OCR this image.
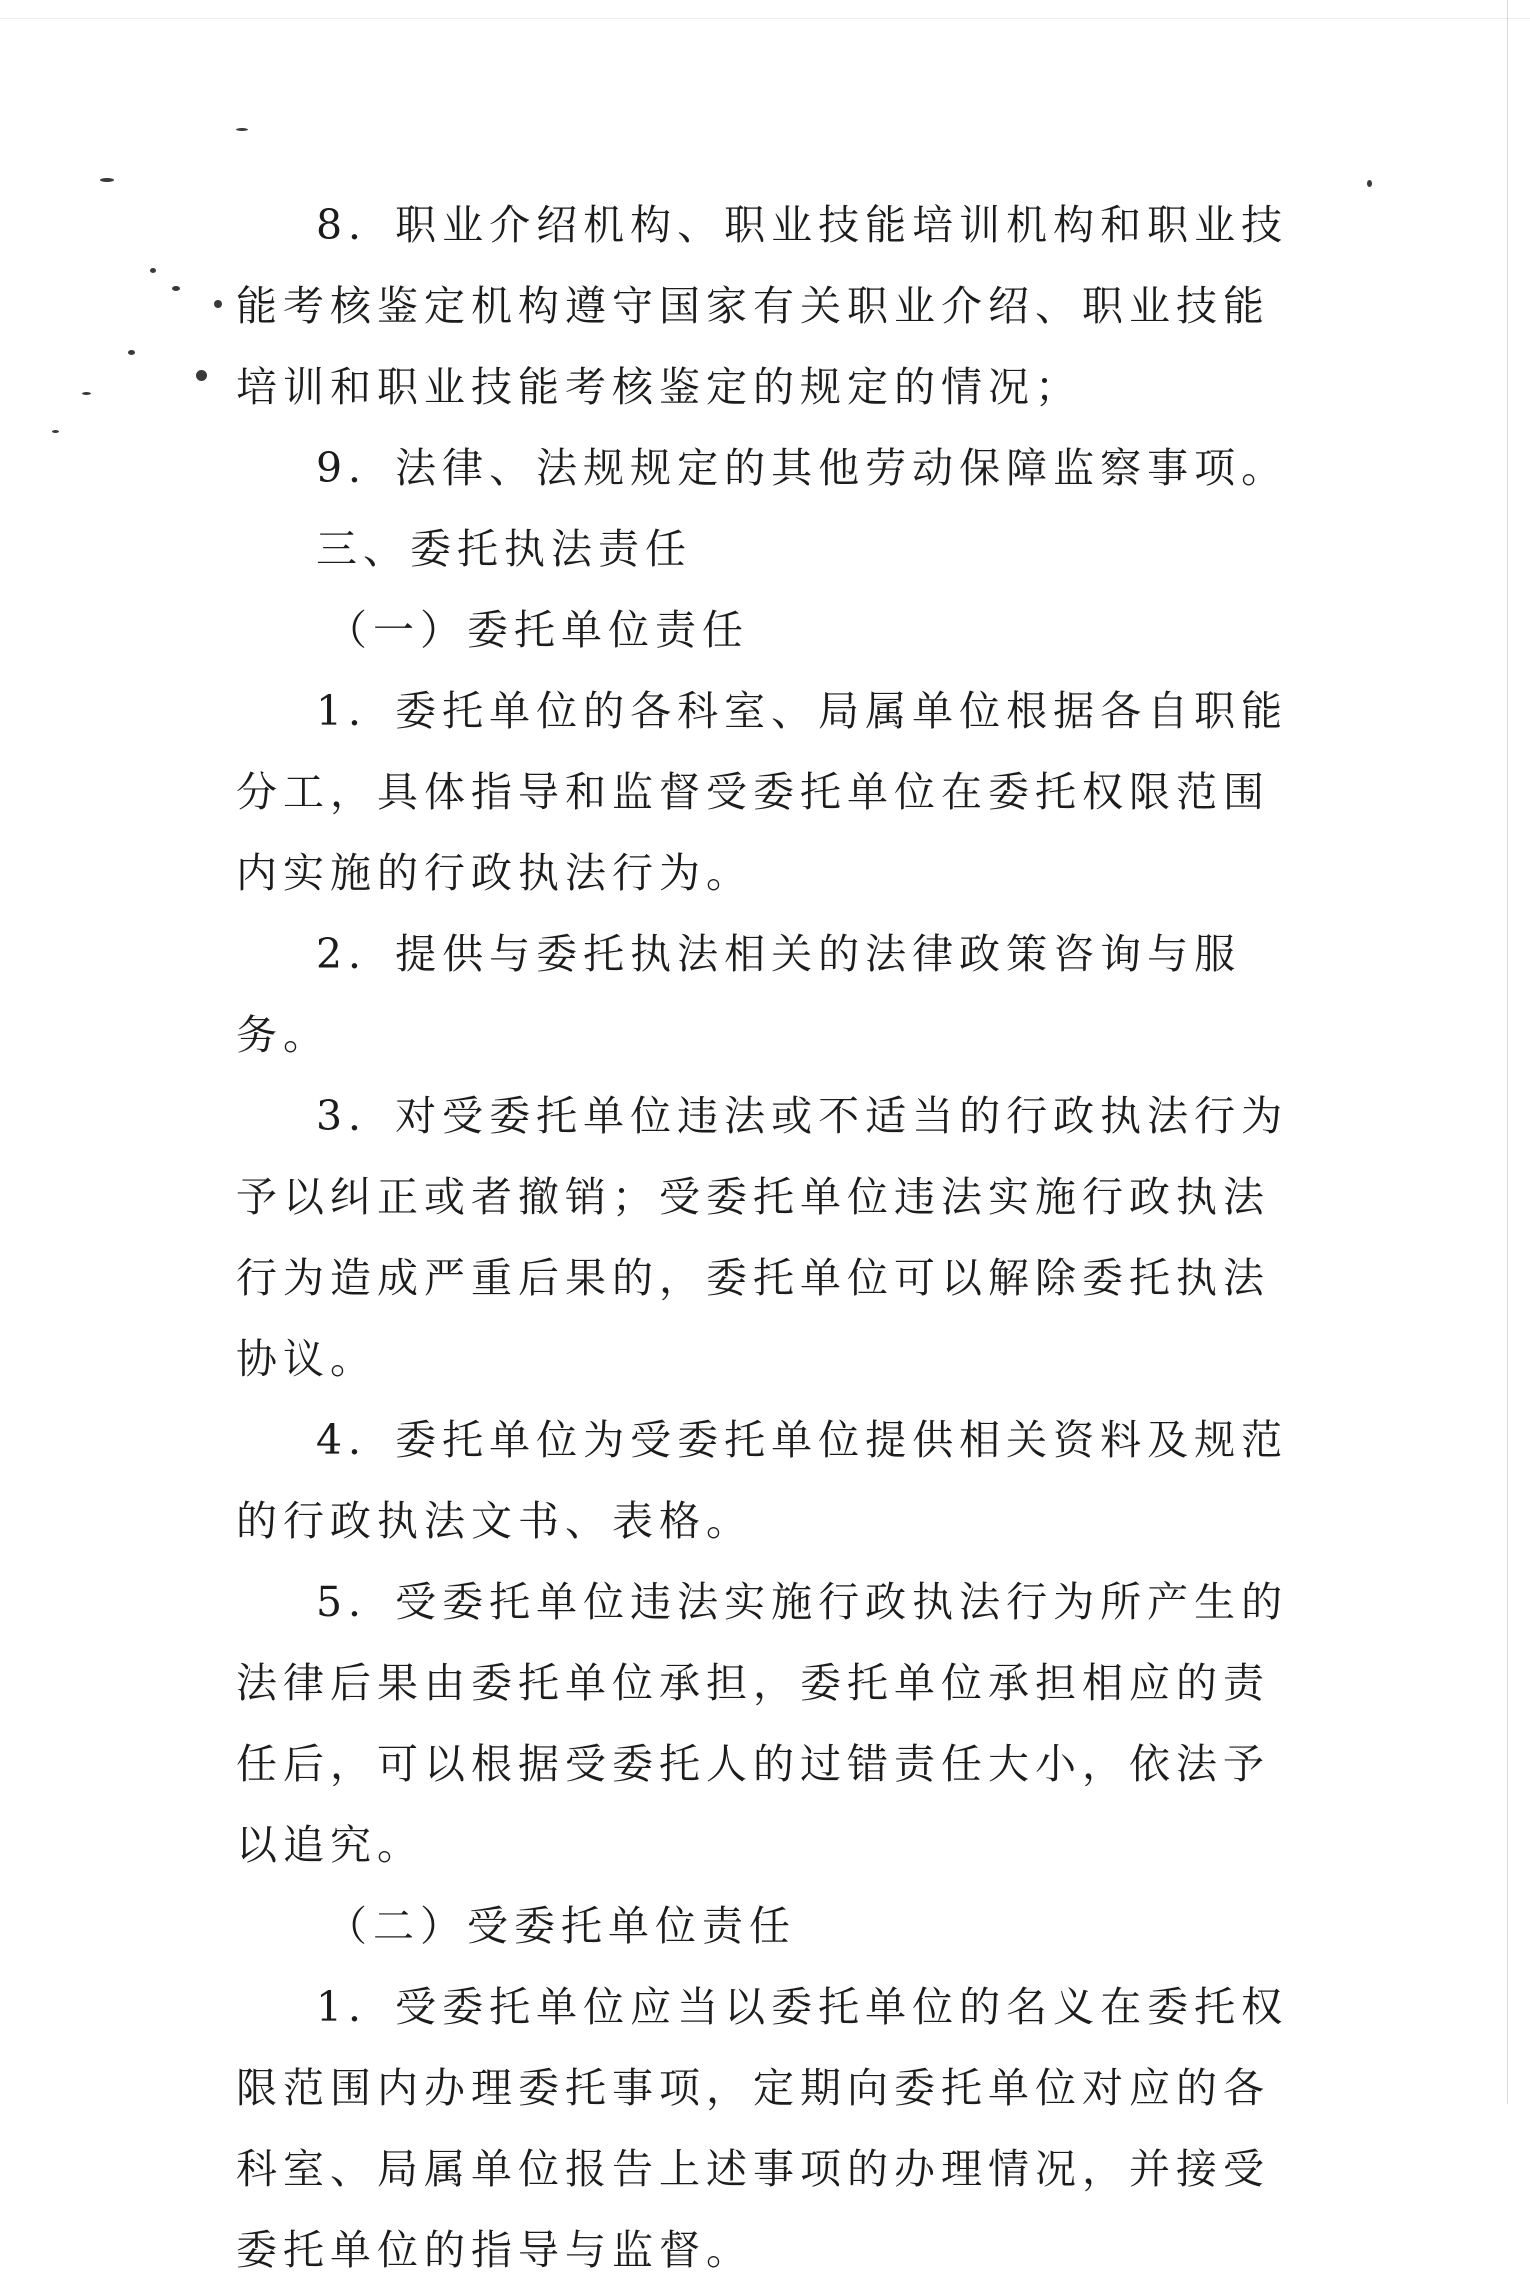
8．职业介绍机构、职业技能培训机构和职业技能考核鉴定机构遵守国家有关职业介绍、职业技能培训和职业技能考核鉴定的规定的情况；

9．法律、法规规定的其他劳动保障监察事项。

三、委托执法责任

（一）委托单位责任

1．委托单位的各科室、局属单位根据各自职能分工，具体指导和监督受委托单位在委托权限范围内实施的行政执法行为。

2．提供与委托执法相关的法律政策咨询与服务。

3．对受委托单位违法或不适当的行政执法行为予以纠正或者撤销；受委托单位违法实施行政执法行为造成严重后果的，委托单位可以解除委托执法协议。

4．委托单位为受委托单位提供相关资料及规范的行政执法文书、表格。

5．受委托单位违法实施行政执法行为所产生的法律后果由委托单位承担，委托单位承担相应的责任后，可以根据受委托人的过错责任大小，依法予以追究。

（二）受委托单位责任

1．受委托单位应当以委托单位的名义在委托权限范围内办理委托事项，定期向委托单位对应的各科室、局属单位报告上述事项的办理情况，并接受委托单位的指导与监督。
